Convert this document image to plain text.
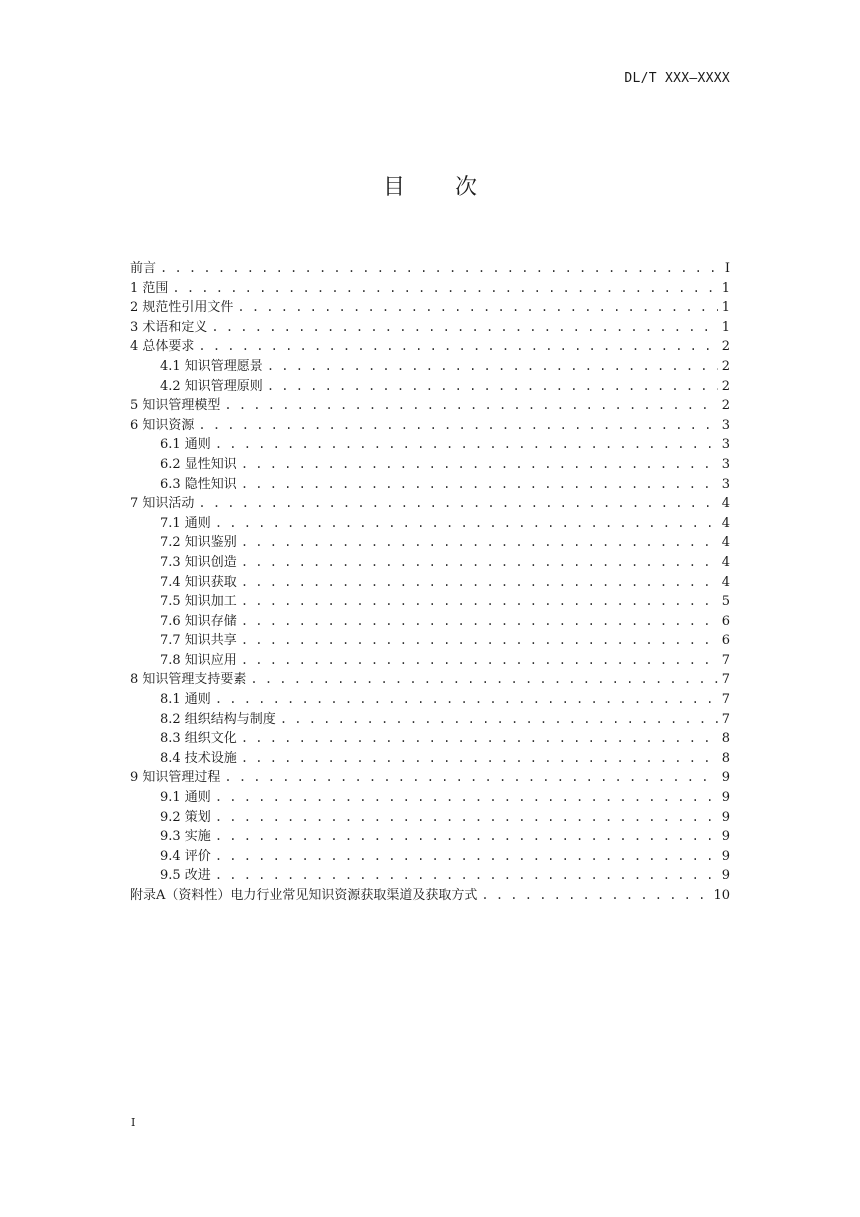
DL/T XXX—XXXX
目次
前言 . . .	I
1 范围 . . .	1
2 规范性引用文件 . . .	1
3 术语和定义 . . .	1
4 总体要求 . . .	2
4.1 知识管理愿景 . . .	2
4.2 知识管理原则 . . .	2
5 知识管理模型 . . .	2
6 知识资源 . . .	3
6.1 通则 . . .	3
6.2 显性知识 . . .	3
6.3 隐性知识 . . .	3
7 知识活动 . . .	4
7.1 通则 . . .	4
7.2 知识鉴别 . . .	4
7.3 知识创造 . . .	4
7.4 知识获取 . . .	4
7.5 知识加工 . . .	5
7.6 知识存储 . . .	6
7.7 知识共享 . . .	6
7.8 知识应用 . . .	7
8 知识管理支持要素 . . .	7
8.1 通则 . . .	7
8.2 组织结构与制度 . . .	7
8.3 组织文化 . . .	8
8.4 技术设施 . . .	8
9 知识管理过程 . . .	9
9.1 通则 . . .	9
9.2 策划 . . .	9
9.3 实施 . . .	9
9.4 评价 . . .	9
9.5 改进 . . .	9
附录A（资料性）电力行业常见知识资源获取渠道及获取方式 . . .	10
I
